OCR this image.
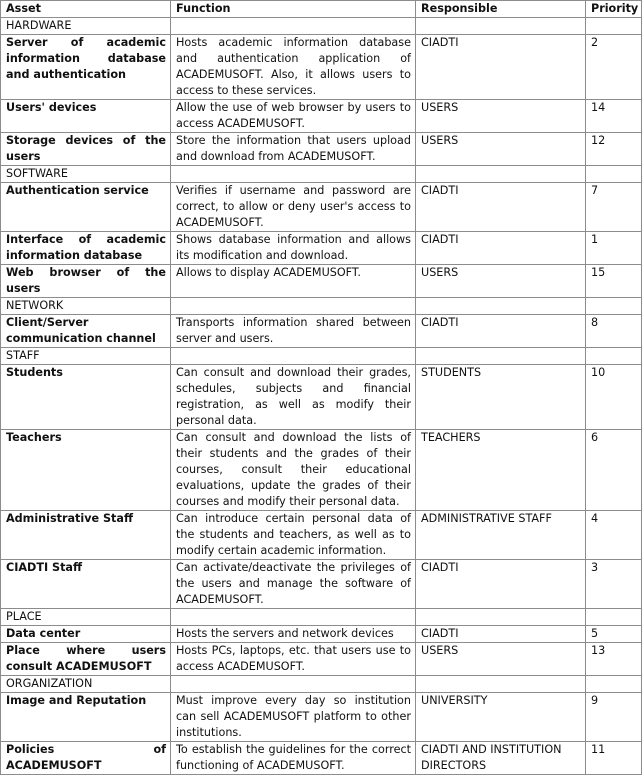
Asset	Function	Responsible	Priority
HARDWARE			
Server of academic information database and authentication	Hosts academic information database and authentication application of ACADEMUSOFT. Also, it allows users to access to these services.	CIADTI	2
Users' devices	Allow the use of web browser by users to access ACADEMUSOFT.	USERS	14
Storage devices of the users	Store the information that users upload and download from ACADEMUSOFT.	USERS	12
SOFTWARE			
Authentication service	Verifies if username and password are correct, to allow or deny user's access to ACADEMUSOFT.	CIADTI	7
Interface of academic information database	Shows database information and allows its modification and download.	CIADTI	1
Web browser of the users	Allows to display ACADEMUSOFT.	USERS	15
NETWORK			
Client/Server communication channel	Transports information shared between server and users.	CIADTI	8
STAFF			
Students	Can consult and download their grades, schedules, subjects and financial registration, as well as modify their personal data.	STUDENTS	10
Teachers	Can consult and download the lists of their students and the grades of their courses, consult their educational evaluations, update the grades of their courses and modify their personal data.	TEACHERS	6
Administrative Staff	Can introduce certain personal data of the students and teachers, as well as to modify certain academic information.	ADMINISTRATIVE STAFF	4
CIADTI Staff	Can activate/deactivate the privileges of the users and manage the software of ACADEMUSOFT.	CIADTI	3
PLACE			
Data center	Hosts the servers and network devices	CIADTI	5
Place where users consult ACADEMUSOFT	Hosts PCs, laptops, etc. that users use to access ACADEMUSOFT.	USERS	13
ORGANIZATION			
Image and Reputation	Must improve every day so institution can sell ACADEMUSOFT platform to other institutions.	UNIVERSITY	9
Policies of ACADEMUSOFT	To establish the guidelines for the correct functioning of ACADEMUSOFT.	CIADTI AND INSTITUTION DIRECTORS	11
